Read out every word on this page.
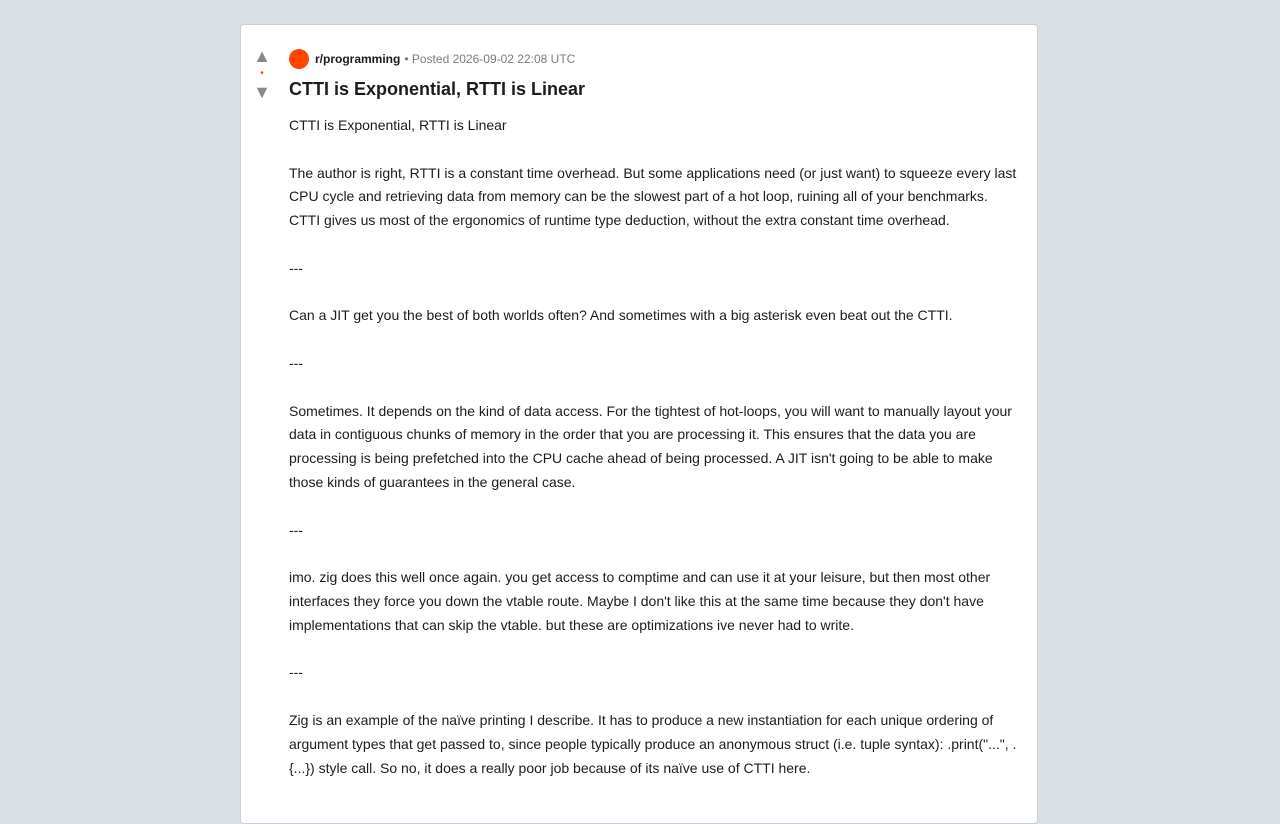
▲
•
▼
r/programming • Posted 2026-09-02 22:08 UTC
CTTI is Exponential, RTTI is Linear

CTTI is Exponential, RTTI is Linear

The author is right, RTTI is a constant time overhead. But some applications need (or just want) to squeeze every last CPU cycle and retrieving data from memory can be the slowest part of a hot loop, ruining all of your benchmarks. CTTI gives us most of the ergonomics of runtime type deduction, without the extra constant time overhead.

---

Can a JIT get you the best of both worlds often? And sometimes with a big asterisk even beat out the CTTI.

---

Sometimes. It depends on the kind of data access. For the tightest of hot-loops, you will want to manually layout your data in contiguous chunks of memory in the order that you are processing it. This ensures that the data you are processing is being prefetched into the CPU cache ahead of being processed. A JIT isn't going to be able to make those kinds of guarantees in the general case.

---

imo. zig does this well once again. you get access to comptime and can use it at your leisure, but then most other interfaces they force you down the vtable route. Maybe I don't like this at the same time because they don't have implementations that can skip the vtable. but these are optimizations ive never had to write.

---

Zig is an example of the naïve printing I describe. It has to produce a new instantiation for each unique ordering of argument types that get passed to, since people typically produce an anonymous struct (i.e. tuple syntax): .print("...", .{...}) style call. So no, it does a really poor job because of its naïve use of CTTI here.
